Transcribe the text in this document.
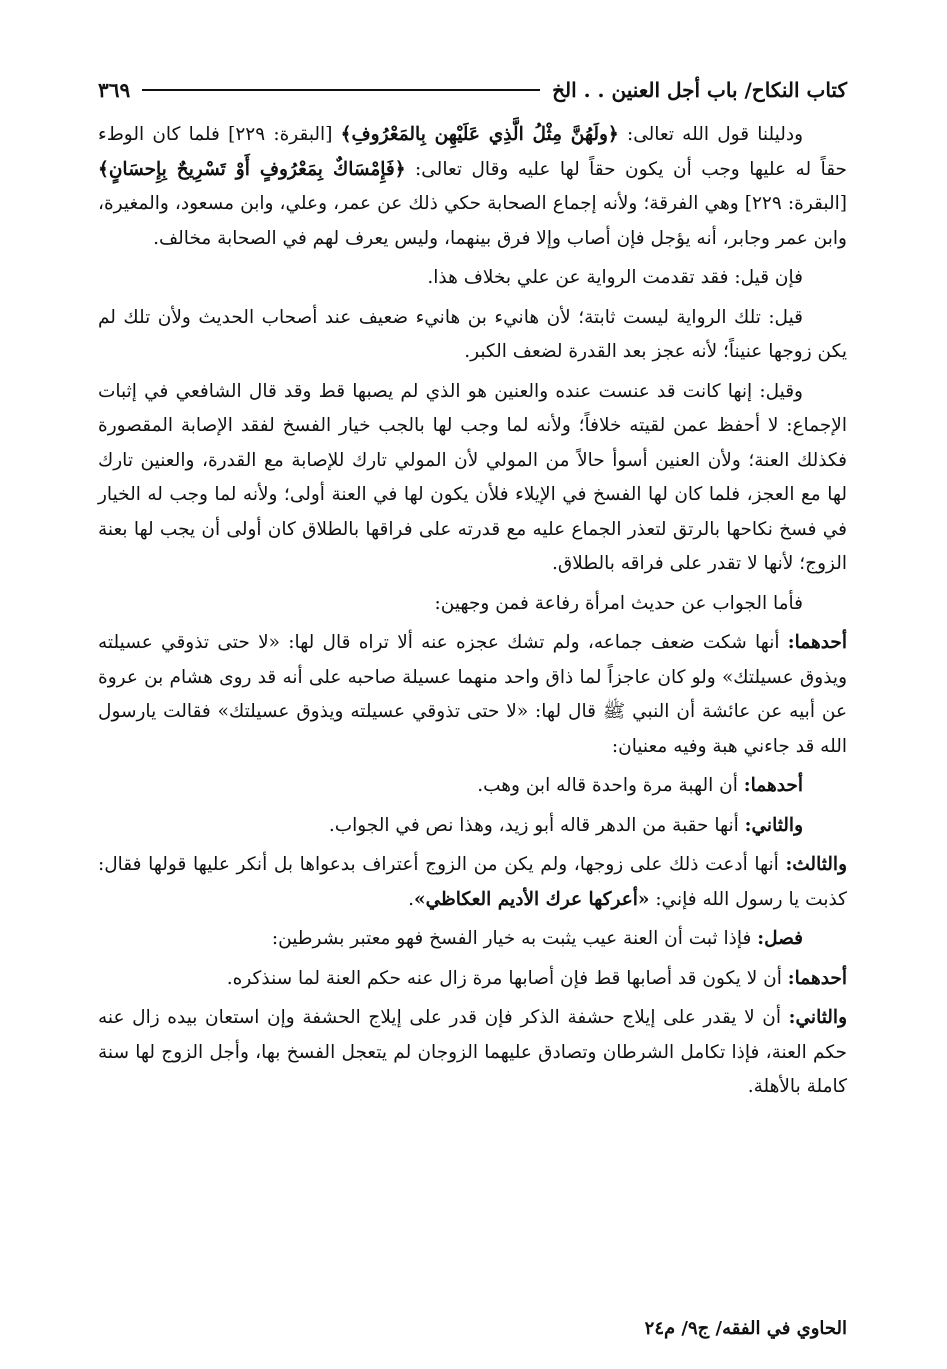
كتاب النكاح/ باب أجل العنين . . الخ
٣٦٩

ودليلنا قول الله تعالى: ﴿ولَهُنَّ مِثْلُ الَّذِي عَلَيْهِن بِالمَعْرُوفِ﴾ [البقرة: ٢٢٩] فلما كان الوطء حقاً له عليها وجب أن يكون حقاً لها عليه وقال تعالى: ﴿فَإِمْسَاكٌ بِمَعْرُوفٍ أَوْ تَسْرِيحٌ بِإِحسَانٍ﴾ [البقرة: ٢٢٩] وهي الفرقة؛ ولأنه إجماع الصحابة حكي ذلك عن عمر، وعلي، وابن مسعود، والمغيرة، وابن عمر وجابر، أنه يؤجل فإن أصاب وإلا فرق بينهما، وليس يعرف لهم في الصحابة مخالف.

فإن قيل: فقد تقدمت الرواية عن علي بخلاف هذا.

قيل: تلك الرواية ليست ثابتة؛ لأن هانيء بن هانيء ضعيف عند أصحاب الحديث ولأن تلك لم يكن زوجها عنيناً؛ لأنه عجز بعد القدرة لضعف الكبر.

وقيل: إنها كانت قد عنست عنده والعنين هو الذي لم يصبها قط وقد قال الشافعي في إثبات الإجماع: لا أحفظ عمن لقيته خلافاً؛ ولأنه لما وجب لها بالجب خيار الفسخ لفقد الإصابة المقصورة فكذلك العنة؛ ولأن العنين أسوأ حالاً من المولي لأن المولي تارك للإصابة مع القدرة، والعنين تارك لها مع العجز، فلما كان لها الفسخ في الإيلاء فلأن يكون لها في العنة أولى؛ ولأنه لما وجب له الخيار في فسخ نكاحها بالرتق لتعذر الجماع عليه مع قدرته على فراقها بالطلاق كان أولى أن يجب لها بعنة الزوج؛ لأنها لا تقدر على فراقه بالطلاق.

فأما الجواب عن حديث امرأة رفاعة فمن وجهين:

أحدهما: أنها شكت ضعف جماعه، ولم تشك عجزه عنه ألا تراه قال لها: «لا حتى تذوقي عسيلته ويذوق عسيلتك» ولو كان عاجزاً لما ذاق واحد منهما عسيلة صاحبه على أنه قد روى هشام بن عروة عن أبيه عن عائشة أن النبي ﷺ قال لها: «لا حتى تذوقي عسيلته ويذوق عسيلتك» فقالت يارسول الله قد جاءني هبة وفيه معنيان:

أحدهما: أن الهبة مرة واحدة قاله ابن وهب.

والثاني: أنها حقبة من الدهر قاله أبو زيد، وهذا نص في الجواب.

والثالث: أنها أدعت ذلك على زوجها، ولم يكن من الزوج أعتراف بدعواها بل أنكر عليها قولها فقال: كذبت يا رسول الله فإني: «أعركها عرك الأديم العكاظي».

فصل: فإذا ثبت أن العنة عيب يثبت به خيار الفسخ فهو معتبر بشرطين:

أحدهما: أن لا يكون قد أصابها قط فإن أصابها مرة زال عنه حكم العنة لما سنذكره.

والثاني: أن لا يقدر على إيلاج حشفة الذكر فإن قدر على إيلاج الحشفة وإن استعان بيده زال عنه حكم العنة، فإذا تكامل الشرطان وتصادق عليهما الزوجان لم يتعجل الفسخ بها، وأجل الزوج لها سنة كاملة بالأهلة.

الحاوي في الفقه/ ج٩/ م٢٤
